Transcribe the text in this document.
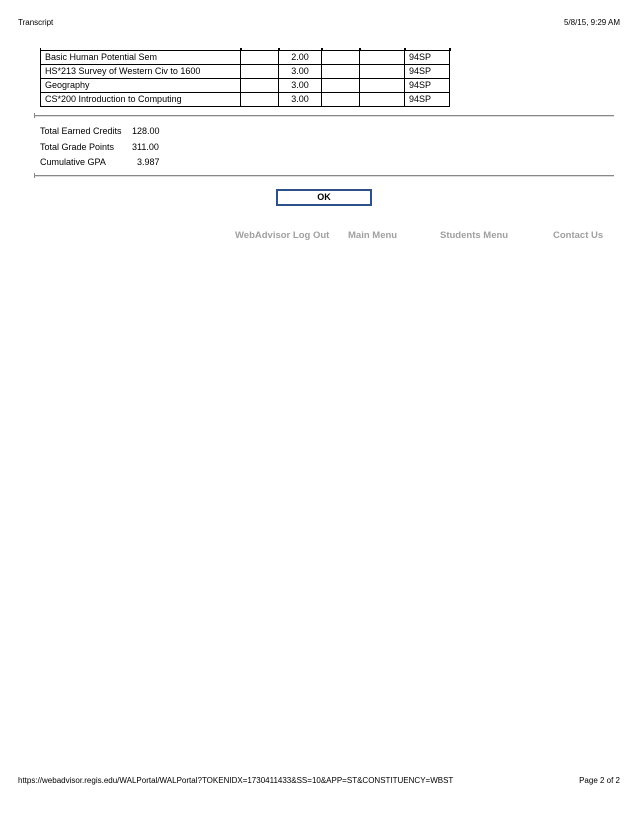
Transcript	5/8/15, 9:29 AM

Basic Human Potential Sem		2.00			94SP
HS*213 Survey of Western Civ to 1600		3.00			94SP
Geography		3.00			94SP
CS*200 Introduction to Computing		3.00			94SP
Total Earned Credits	128.00
Total Grade Points	311.00
Cumulative GPA	3.987
OK
WebAdvisor Log Out Main Menu	Students Menu	Contact Us
https://webadvisor.regis.edu/WALPortal/WALPortal?TOKENIDX=1730411433&SS=10&APP=ST&CONSTITUENCY=WBST	Page 2 of 2
